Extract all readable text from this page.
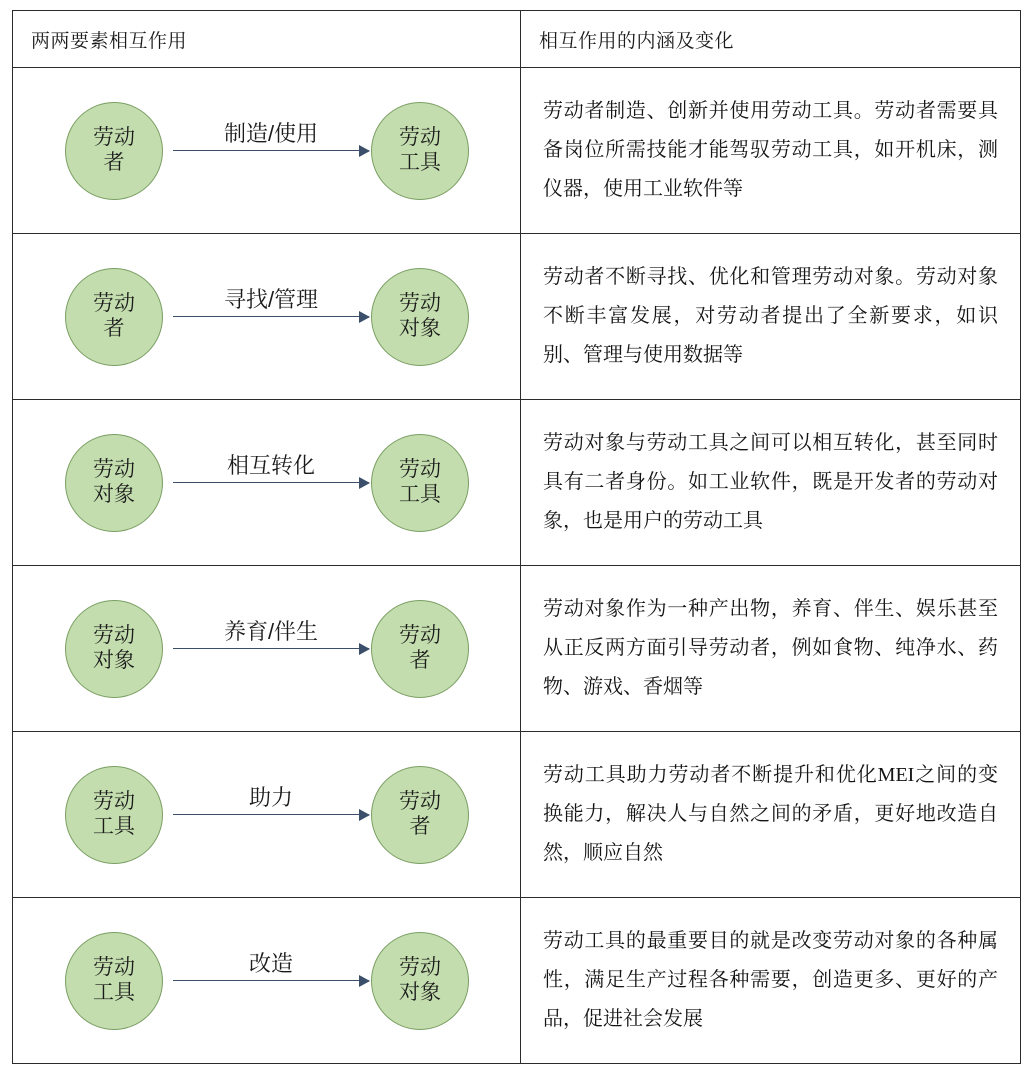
两两要素相互作用	相互作用的内涵及变化

劳动
者
制造/使用 劳动
工具	劳动者制造、创新并使用劳动工具。劳动者需要具备岗位所需技能才能驾驭劳动工具，如开机床，测仪器，使用工业软件等

劳动
者
寻找/管理 劳动
对象	劳动者不断寻找、优化和管理劳动对象。劳动对象不断丰富发展，对劳动者提出了全新要求，如识别、管理与使用数据等

劳动
对象
相互转化 劳动
工具	劳动对象与劳动工具之间可以相互转化，甚至同时具有二者身份。如工业软件，既是开发者的劳动对象，也是用户的劳动工具

劳动
对象
养育/伴生 劳动
者	劳动对象作为一种产出物，养育、伴生、娱乐甚至从正反两方面引导劳动者，例如食物、纯净水、药物、游戏、香烟等

劳动
工具
助力 劳动
者	劳动工具助力劳动者不断提升和优化MEI之间的变换能力，解决人与自然之间的矛盾，更好地改造自然，顺应自然

劳动
工具
改造 劳动
对象	劳动工具的最重要目的就是改变劳动对象的各种属性，满足生产过程各种需要，创造更多、更好的产品，促进社会发展
